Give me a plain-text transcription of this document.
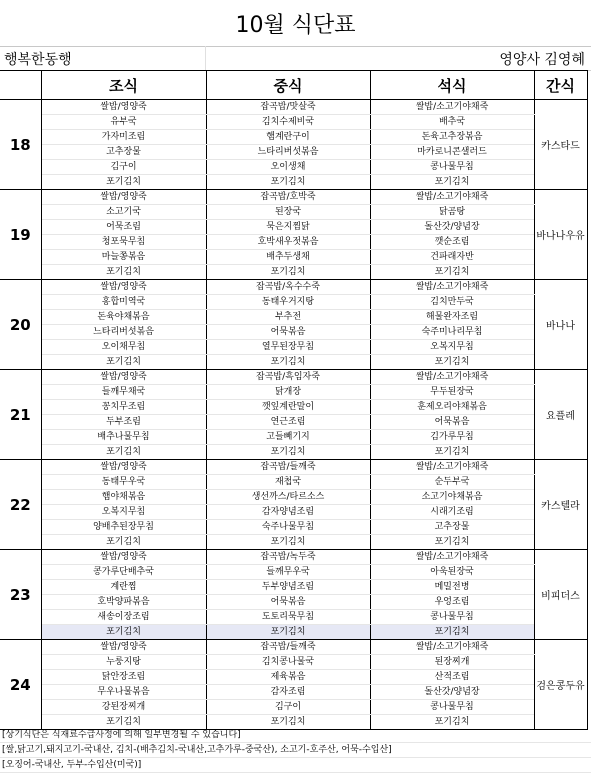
10월 식단표
행복한동행	영양사 김영혜
	조식	중식	석식	간식
18	쌀밥/영양죽	잡곡밥/맛살죽	쌀밥/소고기야채죽	카스타드
	유부국	김치수제비국	배추국	
	가자미조림	햄계란구이	돈육고추장볶음	
	고추장물	느타리버섯볶음	마카로니콘샐러드	
	김구이	오이생채	콩나물무침	
	포기김치	포기김치	포기김치	
19	쌀밥/영양죽	잡곡밥/호박죽	쌀밥/소고기야채죽	바나나우유
	소고기국	된장국	닭곰탕	
	어묵조림	묵은지찜닭	돌산갓/양념장	
	청포묵무침	호박새우젓볶음	깻순조림	
	마늘쫑볶음	배추두생채	건파래자반	
	포기김치	포기김치	포기김치	
20	쌀밥/영양죽	잡곡밥/옥수수죽	쌀밥/소고기야채죽	바나나
	홍합미역국	동태우거지탕	김치만두국	
	돈육야채볶음	부추전	해물완자조림	
	느타리버섯볶음	어묵볶음	숙주미나리무침	
	오이채무침	열무된장무침	오복지무침	
	포기김치	포기김치	포기김치	
21	쌀밥/영양죽	잡곡밥/흑임자죽	쌀밥/소고기야채죽	요플레
	들깨무채국	닭개장	무두된장국	
	꽁치무조림	깻잎계란말이	훈제오리야채볶음	
	두부조림	연근조림	어묵볶음	
	배추나물무침	고들빼기지	김가루무침	
	포기김치	포기김치	포기김치	
22	쌀밥/영양죽	잡곡밥/들깨죽	쌀밥/소고기야채죽	카스텔라
	동태무우국	재첩국	순두부국	
	햄야채볶음	생선까스/타르소스	소고기야채볶음	
	오복지무침	감자양념조림	시래기조림	
	양배추된장무침	숙주나물무침	고추장물	
	포기김치	포기김치	포기김치	
23	쌀밥/영양죽	잡곡밥/녹두죽	쌀밥/소고기야채죽	비피더스
	콩가루단배추국	들깨무우국	아욱된장국	
	계란찜	두부양념조림	메밀전병	
	호박양파볶음	어묵볶음	우엉조림	
	새송이장조림	도토리묵무침	콩나물무침	
	포기김치	포기김치	포기김치	
24	쌀밥/영양죽	잡곡밥/들깨죽	쌀밥/소고기야채죽	검은콩두유
	누룽지탕	김치콩나물국	된장찌개	
	닭안장조림	제육볶음	산적조림	
	무우나물볶음	감자조림	돌산갓/양념장	
	강된장찌개	김구이	콩나물무침	
	포기김치	포기김치	포기김치	
[상기식단은 식재료수급사정에 의해 일부변경될 수 있습니다]
[쌀,닭고기,돼지고기-국내산, 김치-(배추김치-국내산,고추가루-중국산), 소고기-호주산, 어묵-수입산]
[오징어-국내산, 두부-수입산(미국)]
